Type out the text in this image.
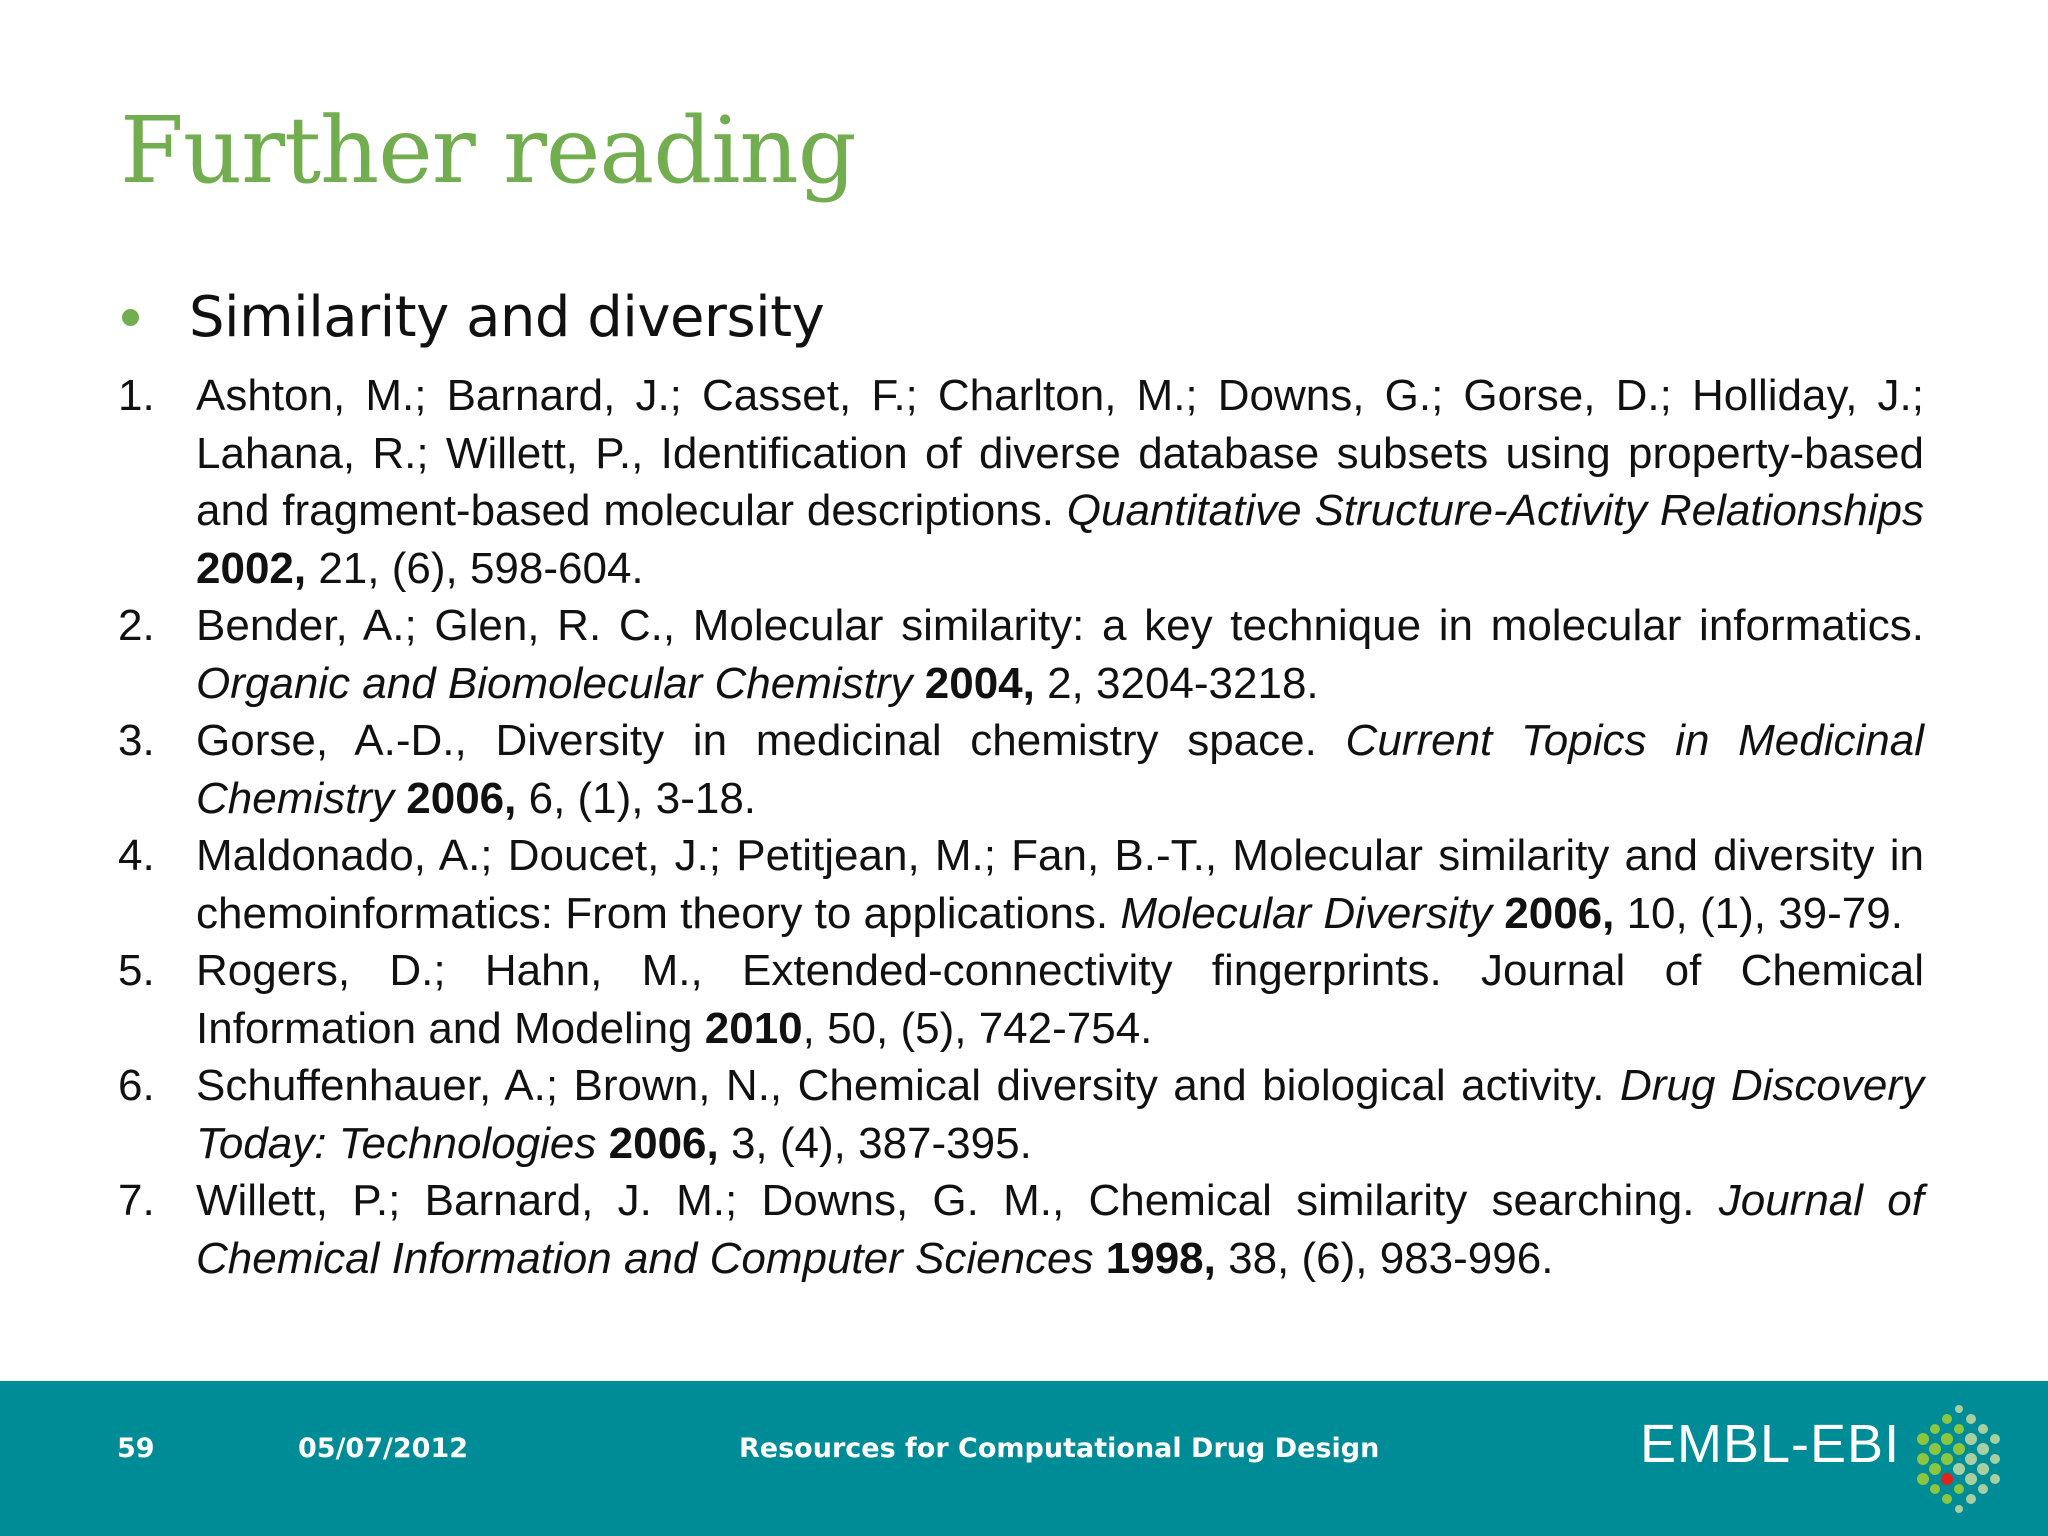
Further reading
Similarity and diversity
1. Ashton, M.; Barnard, J.; Casset, F.; Charlton, M.; Downs, G.; Gorse, D.; Holliday, J.; Lahana, R.; Willett, P., Identification of diverse database subsets using property-based and fragment-based molecular descriptions. Quantitative Structure-Activity Relationships 2002, 21, (6), 598-604.
2. Bender, A.; Glen, R. C., Molecular similarity: a key technique in molecular informatics. Organic and Biomolecular Chemistry 2004, 2, 3204-3218.
3. Gorse, A.-D., Diversity in medicinal chemistry space. Current Topics in Medicinal Chemistry 2006, 6, (1), 3-18.
4. Maldonado, A.; Doucet, J.; Petitjean, M.; Fan, B.-T., Molecular similarity and diversity in chemoinformatics: From theory to applications. Molecular Diversity 2006, 10, (1), 39-79.
5. Rogers, D.; Hahn, M., Extended-connectivity fingerprints. Journal of Chemical Information and Modeling 2010, 50, (5), 742-754.
6. Schuffenhauer, A.; Brown, N., Chemical diversity and biological activity. Drug Discovery Today: Technologies 2006, 3, (4), 387-395.
7. Willett, P.; Barnard, J. M.; Downs, G. M., Chemical similarity searching. Journal of Chemical Information and Computer Sciences 1998, 38, (6), 983-996.
59	05/07/2012	Resources for Computational Drug Design	EMBL-EBI
